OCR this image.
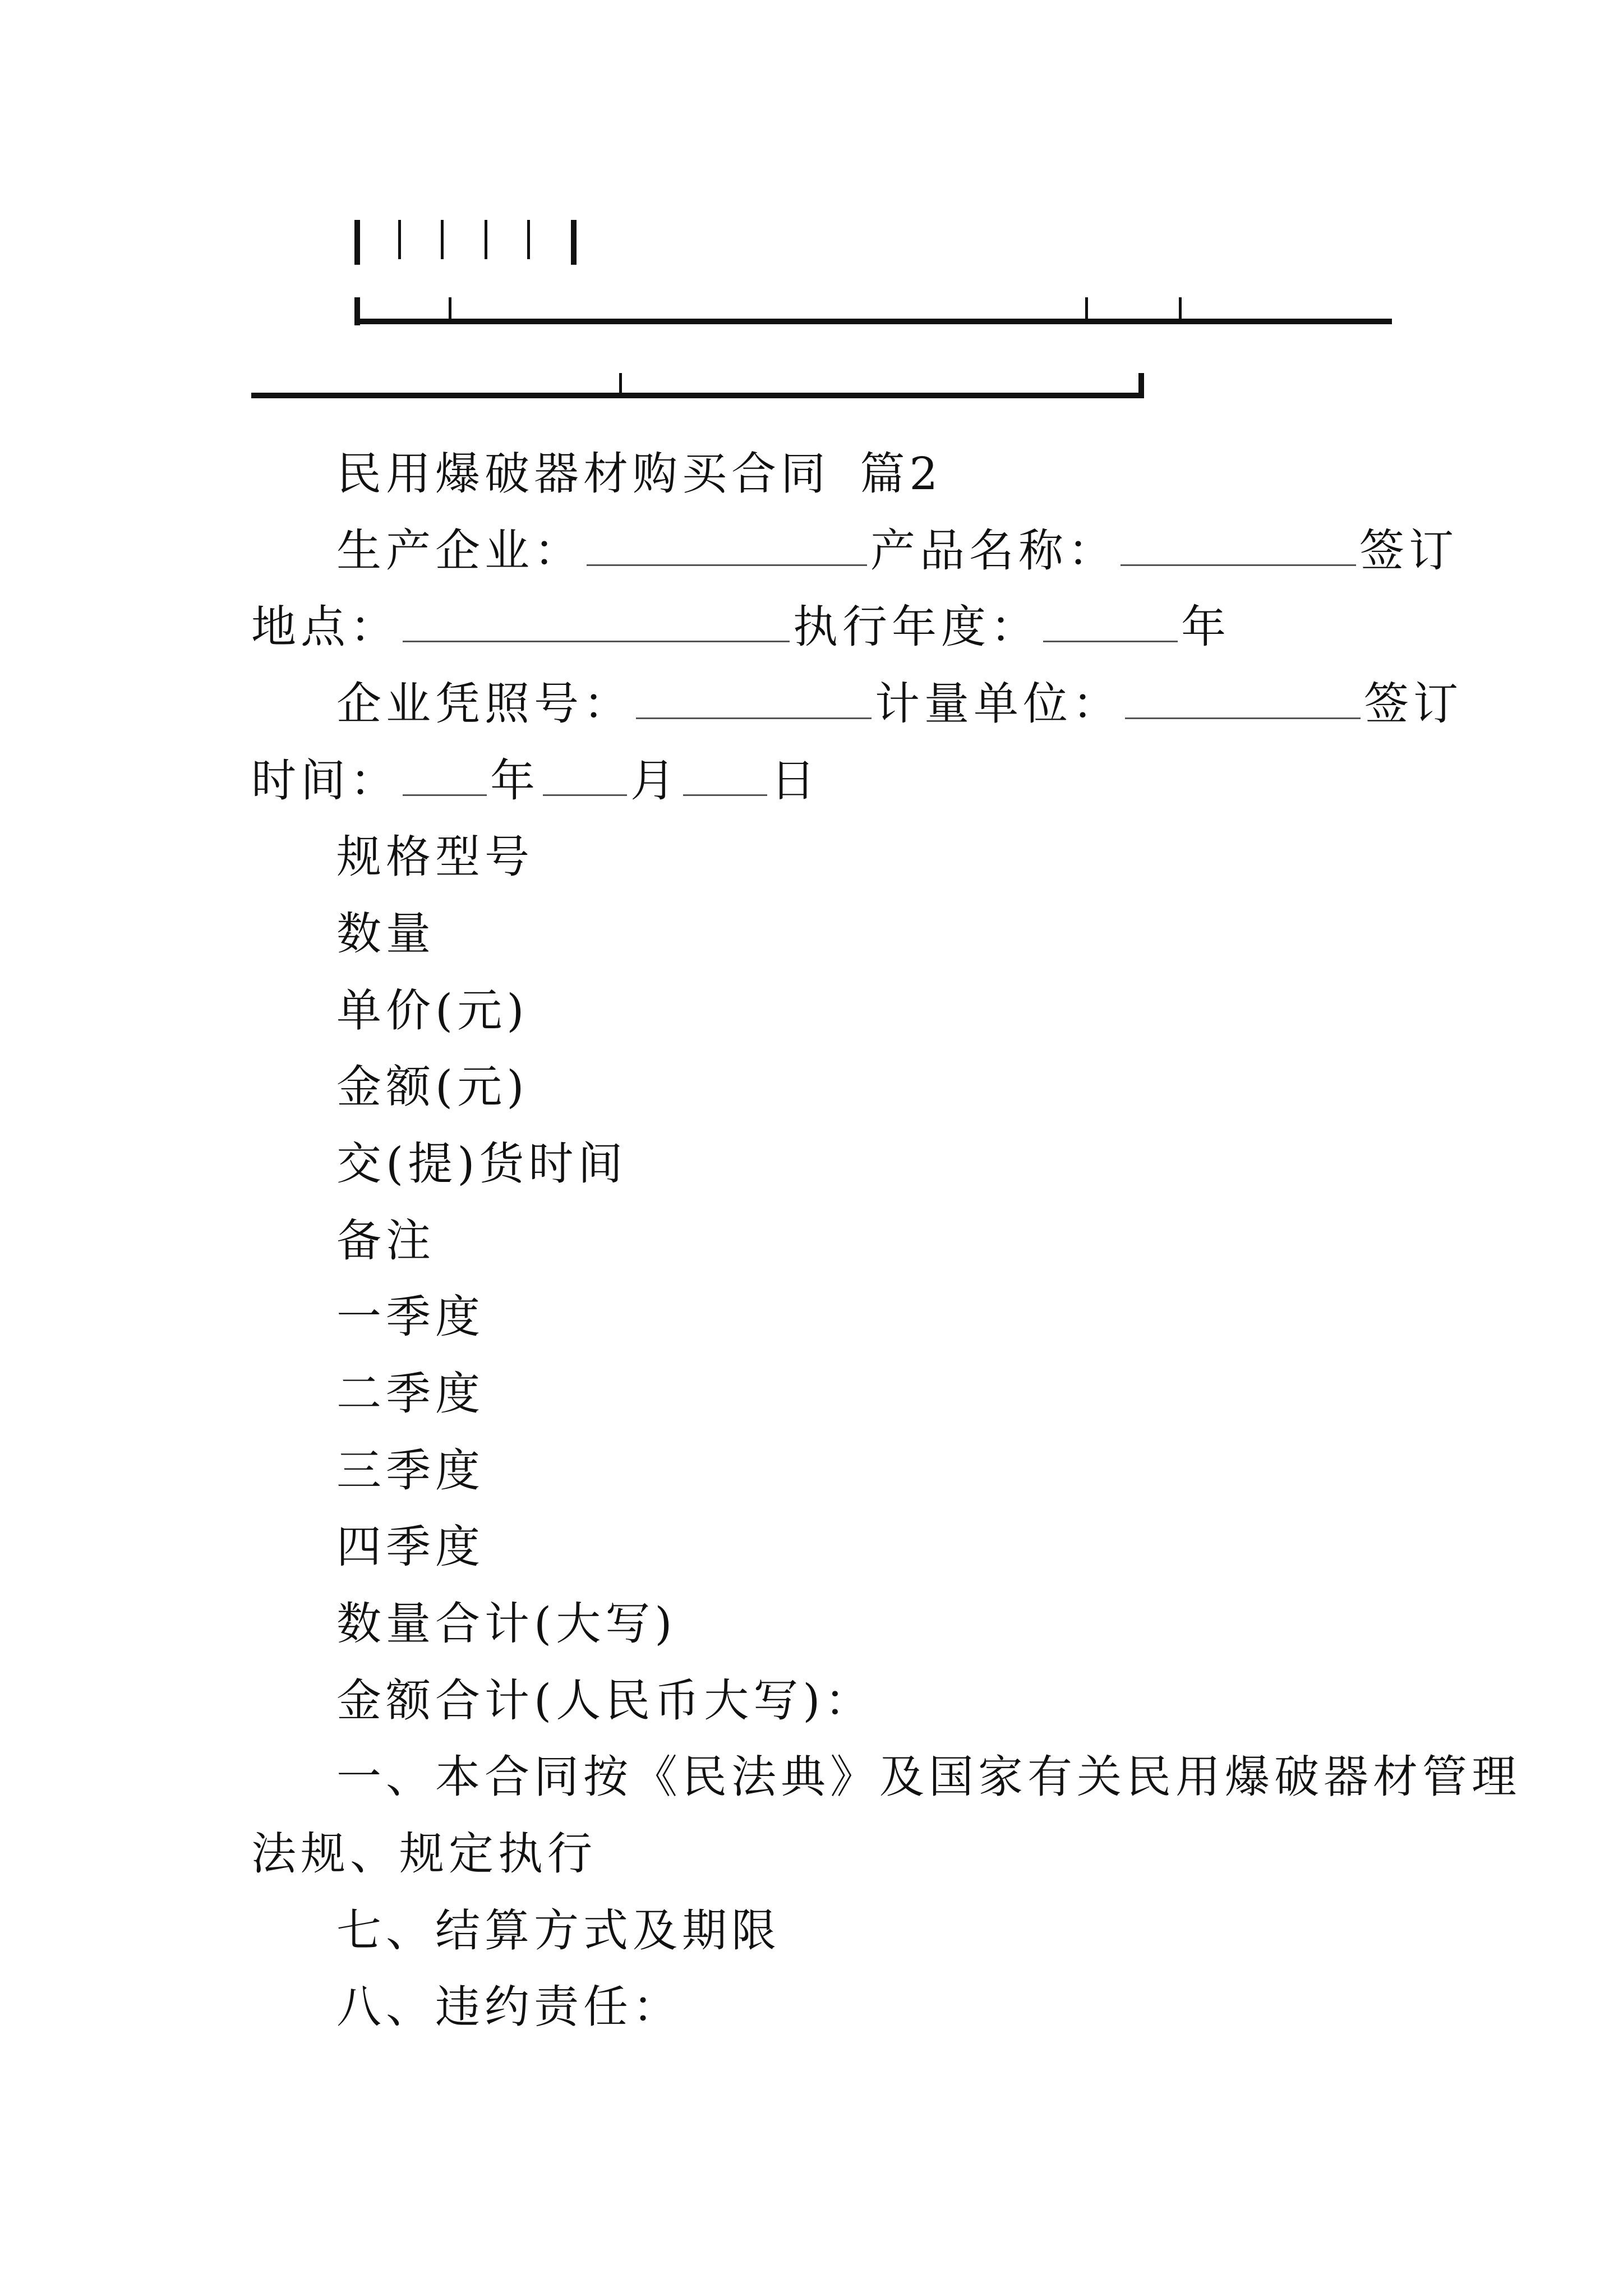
民用爆破器材购买合同 篇2
生产企业：	产品名称：	签订
地点：	执行年度：	年
企业凭照号：	计量单位：	签订
时间： 年 月 日
规格型号
数量
单价(元)
金额(元)
交(提)货时间
备注
一季度
二季度
三季度
四季度
数量合计(大写)
金额合计(人民币大写)：
一、本合同按《民法典》及国家有关民用爆破器材管理
法规、规定执行
七、结算方式及期限
八、违约责任：
